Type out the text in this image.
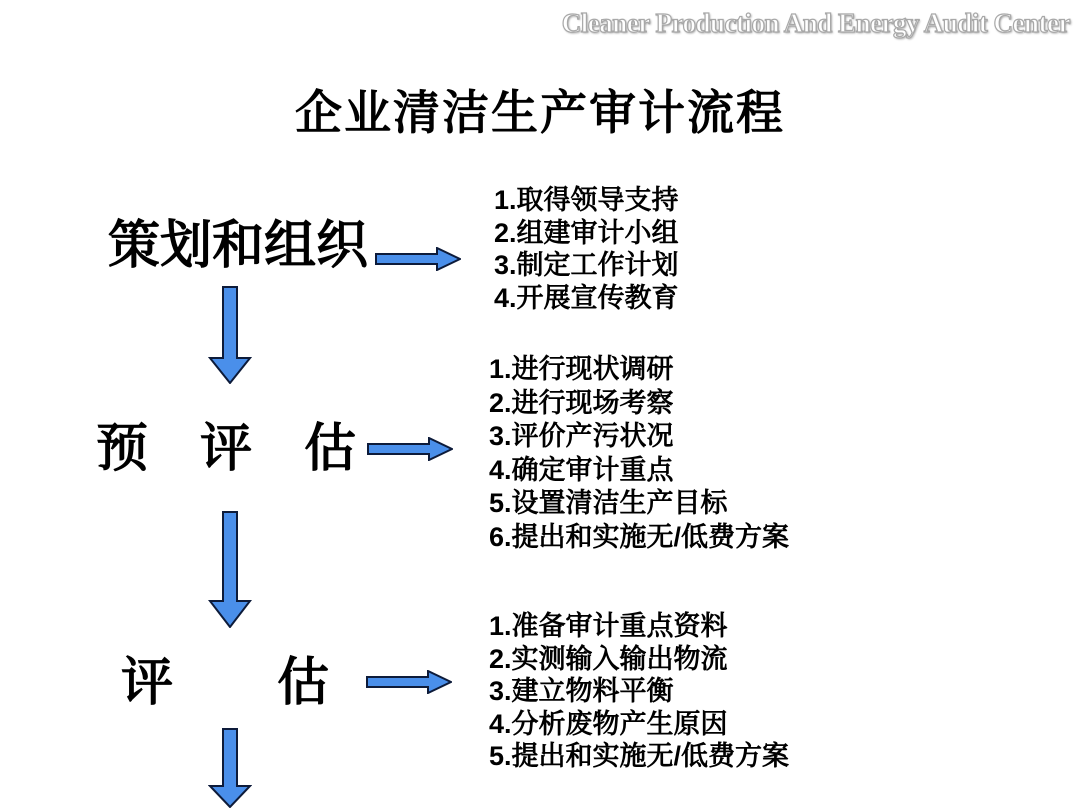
Cleaner Production And Energy Audit Center
企业清洁生产审计流程
策划和组织
1.取得领导支持
2.组建审计小组
3.制定工作计划
4.开展宣传教育
预　评　估
1.进行现状调研
2.进行现场考察
3.评价产污状况
4.确定审计重点
5.设置清洁生产目标
6.提出和实施无/低费方案
评　　估
1.准备审计重点资料
2.实测输入输出物流
3.建立物料平衡
4.分析废物产生原因
5.提出和实施无/低费方案
